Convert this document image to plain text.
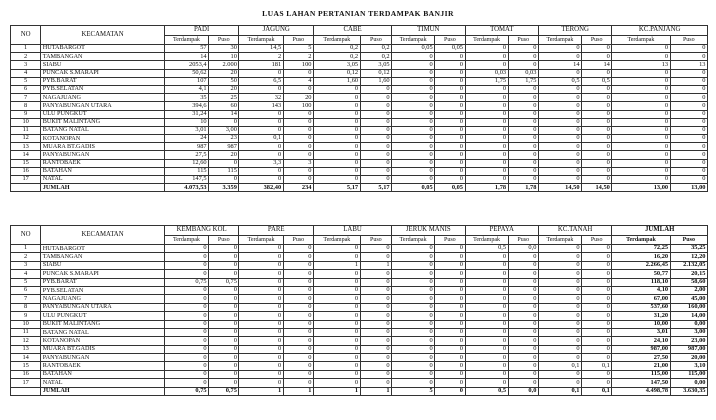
LUAS LAHAN PERTANIAN TERDAMPAK BANJIR
NO	KECAMATAN	PADI		JAGUNG		CABE		TIMUN		TOMAT		TERONG		KC.PANJANG	
		Terdampak	Puso	Terdampak	Puso	Terdampak	Puso	Terdampak	Puso	Terdampak	Puso	Terdampak	Puso	Terdampak	Puso
1	HUTABARGOT	57	30	14,5	5	0,2	0,2	0,05	0,05	0	0	0	0	0	0
2	TAMBANGAN	14	10	2	2	0,2	0,2	0	0	0	0	0	0	0	0
3	SIABU	2053,4	2.000	181	100	3,05	3,05	0	0	0	0	14	14	13	13
4	PUNCAK S.MARAPI	50,62	20	0	0	0,12	0,12	0	0	0,03	0,03	0	0	0	0
5	PYB.BARAT	107	50	6,5	4	1,60	1,60	0	0	1,75	1,75	0,5	0,5	0	0
6	PYB.SELATAN	4,1	20	0	0	0	0	0	0	0	0	0	0	0	0
7	NAGAJUANG	35	25	32	20	0	0	0	0	0	0	0	0	0	0
8	PANYABUNGAN UTARA	394,6	60	143	100	0	0	0	0	0	0	0	0	0	0
9	ULU PUNGKUT	31,24	14	0	0	0	0	0	0	0	0	0	0	0	0
10	BUKIT MALINTANG	10	0	0	0	0	0	0	0	0	0	0	0	0	0
11	BATANG NATAL	3,01	3,00	0	0	0	0	0	0	0	0	0	0	0	0
12	KOTANOPAN	24	23	0,1	0	0	0	0	0	0	0	0	0	0	0
13	MUARA BT.GADIS	987	987	0	0	0	0	0	0	0	0	0	0	0	0
14	PANYABUNGAN	27,5	20	0	0	0	0	0	0	0	0	0	0	0	0
15	RANTOBAEK	12,60	0	3,3	3	0	0	0	0	0	0	0	0	0	0
16	BATAHAN	115	115	0	0	0	0	0	0	0	0	0	0	0	0
17	NATAL	147,5	0	0	0	0	0	0	0	0	0	0	0	0	0
	JUMLAH	4.073,53	3.359	382,40	234	5,17	5,17	0,05	0,05	1,78	1,78	14,50	14,50	13,00	13,00
NO	KECAMATAN	KEMBANG KOL		PARE		LABU		JERUK MANIS		PEPAYA		KC.TANAH		JUMLAH	
		Terdampak	Puso	Terdampak	Puso	Terdampak	Puso	Terdampak	Puso	Terdampak	Puso	Terdampak	Puso	Terdampak	Puso
1	HUTABARGOT	0	0	0	0	0	0	0	0	0,5	0,0	0	0	72,25	35,25
2	TAMBANGAN	0	0	0	0	0	0	0	0	0	0	0	0	16,20	12,20
3	SIABU	0	0	0	0	1	1	0	0	0	0	0	0	2.266,45	2.132,05
4	PUNCAK S.MARAPI	0	0	0	0	0	0	0	0	0	0	0	0	50,77	20,15
5	PYB.BARAT	0,75	0,75	0	0	0	0	0	0	0	0	0	0	118,10	58,60
6	PYB.SELATAN	0	0	0	0	0	0	0	0	0	0	0	0	4,10	2,00
7	NAGAJUANG	0	0	0	0	0	0	0	0	0	0	0	0	67,00	45,00
8	PANYABUNGAN UTARA	0	0	0	0	0	0	0	0	0	0	0	0	537,60	160,00
9	ULU PUNGKUT	0	0	0	0	0	0	0	0	0	0	0	0	31,20	14,00
10	BUKIT MALINTANG	0	0	0	0	0	0	0	0	0	0	0	0	10,00	0,00
11	BATANG NATAL	0	0	0	0	0	0	0	0	0	0	0	0	3,01	3,00
12	KOTANOPAN	0	0	0	0	0	0	0	0	0	0	0	0	24,10	23,00
13	MUARA BT.GADIS	0	0	0	0	0	0	0	0	0	0	0	0	987,00	987,00
14	PANYABUNGAN	0	0	0	0	0	0	0	0	0	0	0	0	27,50	20,00
15	RANTOBAEK	0	0	0	0	0	0	0	0	0	0	0,1	0,1	21,00	3,10
16	BATAHAN	0	0	0	0	0	0	0	0	0	0	0	0	115,00	115,00
17	NATAL	0	0	0	0	0	0	0	0	0	0	0	0	147,50	0,00
	JUMLAH	0,75	0,75	1	1	1	1	5	0	0,5	0,0	0,1	0,1	4.498,78	3.630,35
